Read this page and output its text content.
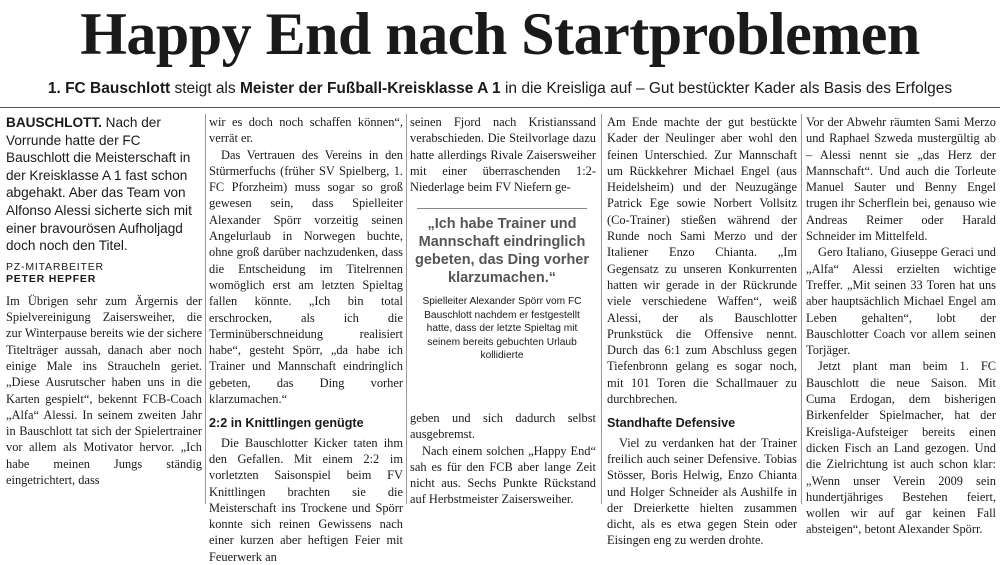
Happy End nach Startproblemen
1. FC Bauschlott steigt als Meister der Fußball-Kreisklasse A 1 in die Kreisliga auf – Gut bestückter Kader als Basis des Erfolges
BAUSCHLOTT. Nach der Vorrunde hatte der FC Bauschlott die Meisterschaft in der Kreisklasse A 1 fast schon abgehakt. Aber das Team von Alfonso Alessi sicherte sich mit einer bravourösen Aufholjagd doch noch den Titel.
PZ-MITARBEITER
PETER HEPFER

Im Übrigen sehr zum Ärgernis der Spielvereinigung Zaisersweiher, die zur Winterpause bereits wie der sichere Titelträger aussah, danach aber noch einige Male ins Straucheln geriet. „Diese Ausrutscher haben uns in die Karten gespielt“, bekennt FCB-Coach „Alfa“ Alessi. In seinem zweiten Jahr in Bauschlott tat sich der Spielertrainer vor allem als Motivator hervor. „Ich habe meinen Jungs ständig eingetrichtert, dass

wir es doch noch schaffen können“, verrät er.

Das Vertrauen des Vereins in den Stürmerfuchs (früher SV Spielberg, 1. FC Pforzheim) muss sogar so groß gewesen sein, dass Spielleiter Alexander Spörr vorzeitig seinen Angelurlaub in Norwegen buchte, ohne groß darüber nachzudenken, dass die Entscheidung im Titelrennen womöglich erst am letzten Spieltag fallen könnte. „Ich bin total erschrocken, als ich die Terminüberschneidung realisiert habe“, gesteht Spörr, „da habe ich Trainer und Mannschaft eindringlich gebeten, das Ding vorher klarzumachen.“

2:2 in Knittlingen genügte

Die Bauschlotter Kicker taten ihm den Gefallen. Mit einem 2:2 im vorletzten Saisonspiel beim FV Knittlingen brachten sie die Meisterschaft ins Trockene und Spörr konnte sich reinen Gewissens nach einer kurzen aber heftigen Feier mit Feuerwerk an

seinen Fjord nach Kristianssand verabschieden. Die Steilvorlage dazu hatte allerdings Rivale Zaisersweiher mit einer überraschenden 1:2-Niederlage beim FV Niefern ge-

„Ich habe Trainer und Mannschaft eindringlich gebeten, das Ding vorher klarzumachen.“
Spielleiter Alexander Spörr vom FC Bauschlott nachdem er festgestellt hatte, dass der letzte Spieltag mit seinem bereits gebuchten Urlaub kollidierte

geben und sich dadurch selbst ausgebremst.

Nach einem solchen „Happy End“ sah es für den FCB aber lange Zeit nicht aus. Sechs Punkte Rückstand auf Herbstmeister Zaisersweiher.

Am Ende machte der gut bestückte Kader der Neulinger aber wohl den feinen Unterschied. Zur Mannschaft um Rückkehrer Michael Engel (aus Heidelsheim) und der Neuzugänge Patrick Ege sowie Norbert Vollsitz (Co-Trainer) stießen während der Runde noch Sami Merzo und der Italiener Enzo Chianta. „Im Gegensatz zu unseren Konkurrenten hatten wir gerade in der Rückrunde viele verschiedene Waffen“, weiß Alessi, der als Bauschlotter Prunkstück die Offensive nennt. Durch das 6:1 zum Abschluss gegen Tiefenbronn gelang es sogar noch, mit 101 Toren die Schallmauer zu durchbrechen.

Standhafte Defensive

Viel zu verdanken hat der Trainer freilich auch seiner Defensive. Tobias Stösser, Boris Helwig, Enzo Chianta und Holger Schneider als Aushilfe in der Dreierkette hielten zusammen dicht, als es etwa gegen Stein oder Eisingen eng zu werden drohte.

Vor der Abwehr räumten Sami Merzo und Raphael Szweda mustergültig ab – Alessi nennt sie „das Herz der Mannschaft“. Und auch die Torleute Manuel Sauter und Benny Engel trugen ihr Scherflein bei, genauso wie Andreas Reimer oder Harald Schneider im Mittelfeld.

Gero Italiano, Giuseppe Geraci und „Alfa“ Alessi erzielten wichtige Treffer. „Mit seinen 33 Toren hat uns aber hauptsächlich Michael Engel am Leben gehalten“, lobt der Bauschlotter Coach vor allem seinen Torjäger.

Jetzt plant man beim 1. FC Bauschlott die neue Saison. Mit Cuma Erdogan, dem bisherigen Birkenfelder Spielmacher, hat der Kreisliga-Aufsteiger bereits einen dicken Fisch an Land gezogen. Und die Zielrichtung ist auch schon klar: „Wenn unser Verein 2009 sein hundertjähriges Bestehen feiert, wollen wir auf gar keinen Fall absteigen“, betont Alexander Spörr.
